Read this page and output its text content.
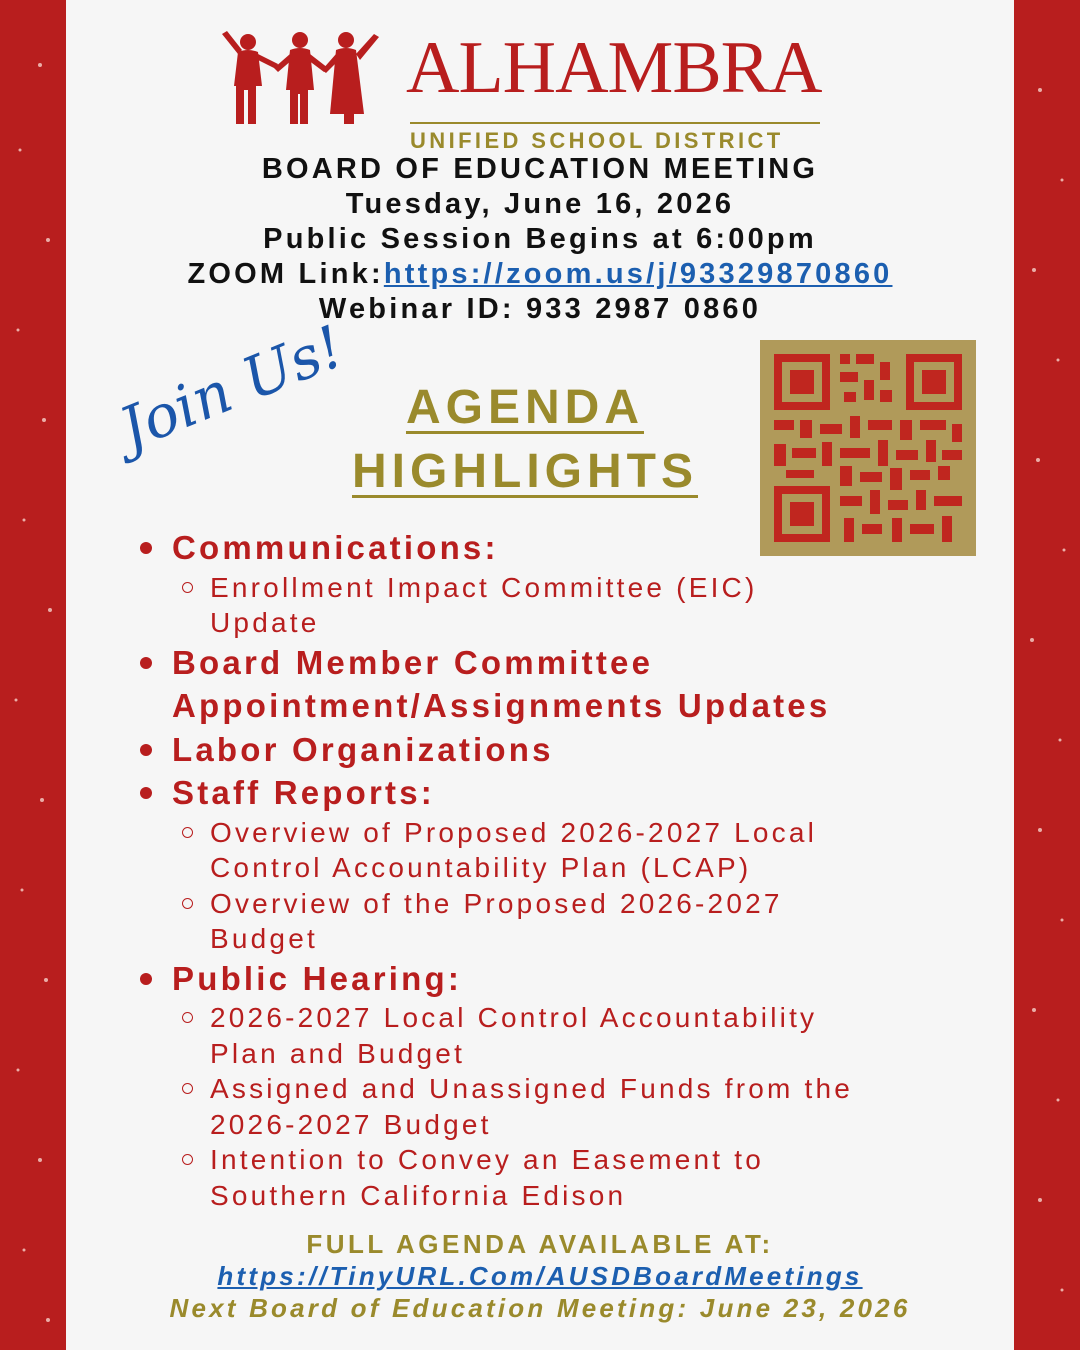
ALHAMBRA
UNIFIED SCHOOL DISTRICT
BOARD OF EDUCATION MEETING
Tuesday, June 16, 2026
Public Session Begins at 6:00pm
ZOOM Link:https://zoom.us/j/93329870860
Webinar ID: 933 2987 0860
Join Us!	AGENDA
HIGHLIGHTS
Communications:
Enrollment Impact Committee (EIC)
Update
Board Member Committee
Appointment/Assignments Updates
Labor Organizations
Staff Reports:
Overview of Proposed 2026-2027 Local
Control Accountability Plan (LCAP)
Overview of the Proposed 2026-2027
Budget
Public Hearing:
2026-2027 Local Control Accountability
Plan and Budget
Assigned and Unassigned Funds from the
2026-2027 Budget
Intention to Convey an Easement to
Southern California Edison
FULL AGENDA AVAILABLE AT:
https://TinyURL.Com/AUSDBoardMeetings
Next Board of Education Meeting: June 23, 2026
